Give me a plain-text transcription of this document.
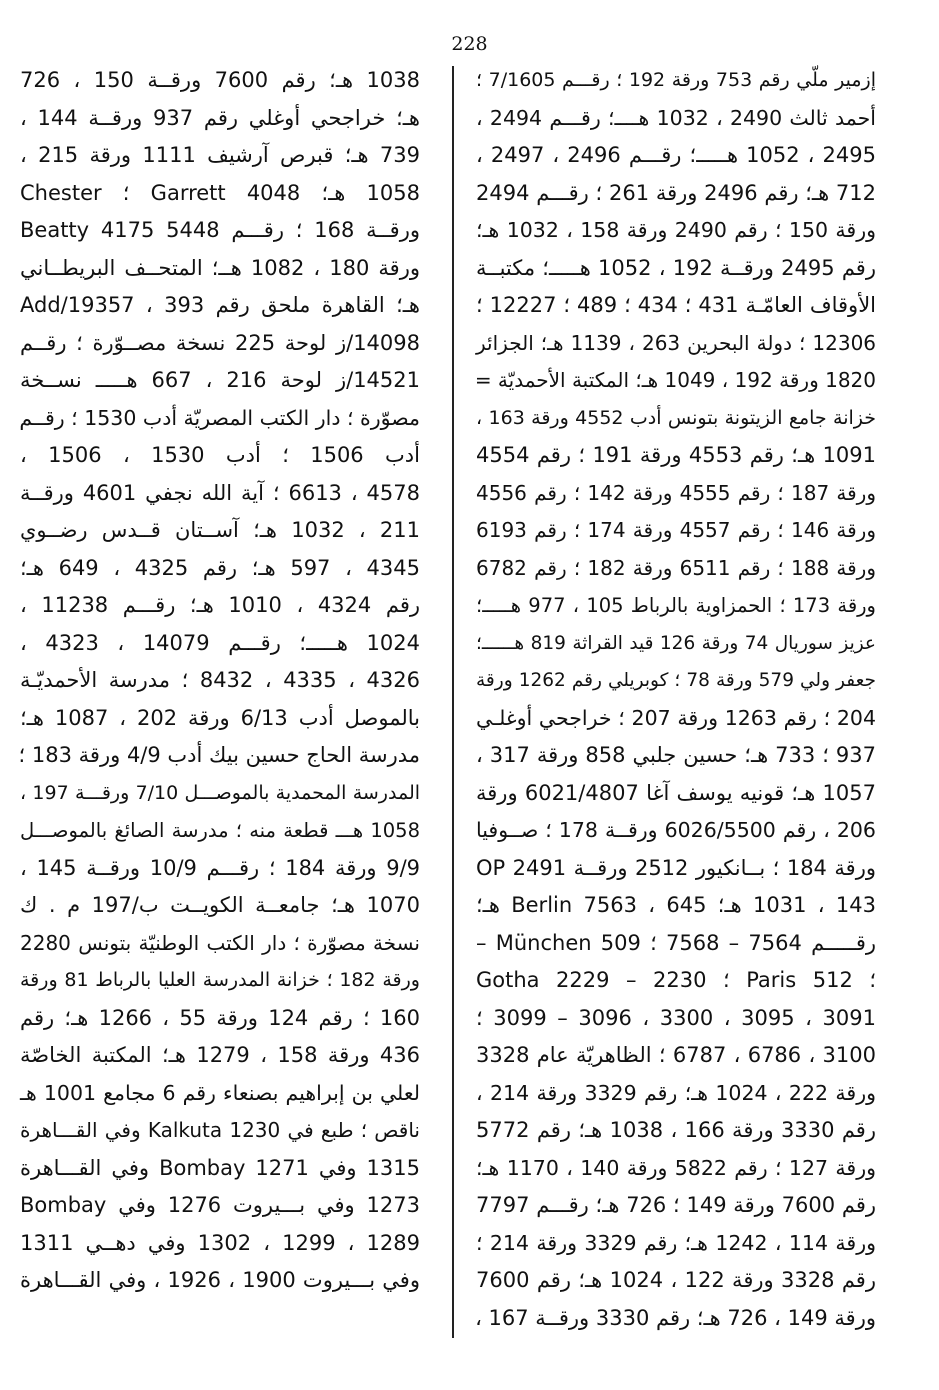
228
إزمير ملّي رقم 753 ورقة 192 ؛ رقـــم 7/1605 ؛
أحمد ثالث 2490 ، 1032 هــــ؛ رقـــم 2494 ،
2495 ، 1052 هـــــ؛ رقـــم 2496 ، 2497 ،
712 هـ؛ رقم 2496 ورقة 261 ؛ رقـــم 2494
ورقة 150 ؛ رقم 2490 ورقة 158 ، 1032 هـ؛
رقم 2495 ورقــة 192 ، 1052 هـــــ؛ مكتبــة
الأوقاف العامّـة 431 ؛ 434 ؛ 489 ؛ 12227 ؛
12306 ؛ دولة البحرين 263 ، 1139 هـ؛ الجزائر
1820 ورقة 192 ، 1049 هـ؛ المكتبة الأحمديّة =
خزانة جامع الزيتونة بتونس أدب 4552 ورقة 163 ،
1091 هـ؛ رقم 4553 ورقة 191 ؛ رقم 4554
ورقة 187 ؛ رقم 4555 ورقة 142 ؛ رقم 4556
ورقة 146 ؛ رقم 4557 ورقة 174 ؛ رقم 6193
ورقة 188 ؛ رقم 6511 ورقة 182 ؛ رقم 6782
ورقة 173 ؛ الحمزاوية بالرباط 105 ، 977 هـــــ؛
عزيز سوريال 74 ورقة 126 قيد القراثة 819 هــــــ؛
جعفر ولي 579 ورقة 78 ؛ كوبريلي رقم 1262 ورقة
204 ؛ رقم 1263 ورقة 207 ؛ خراجحي أوغلـي
937 ؛ 733 هـ؛ حسين جلبي 858 ورقة 317 ،
1057 هـ؛ قونيه يوسف آغا 6021/4807 ورقة
206 ، رقم 6026/5500 ورقــة 178 ؛ صــوفيا
OP 2491 ورقة 184 ؛ بــانكيور 2512 ورقــة
143 ، 1031 هـ؛ Berlin 7563 ، 645 هـ؛
رقـــــم 7564 – 7568 ؛ München 509 –
Gotha 2229 – 2230 ؛ Paris 512 ؛
3091 ، 3095 ، 3300 ، 3096 – 3099 ؛
3100 ، 6786 ، 6787 ؛ الظاهريّة عام 3328
ورقة 222 ، 1024 هـ؛ رقم 3329 ورقة 214 ،
رقم 3330 ورقة 166 ، 1038 هـ؛ رقم 5772
ورقة 127 ؛ رقم 5822 ورقة 140 ، 1170 هـ؛
رقم 7600 ورقة 149 ؛ 726 هـ؛ رقـــم 7797
ورقة 114 ، 1242 هـ؛ رقم 3329 ورقة 214 ؛
رقم 3328 ورقة 122 ، 1024 هـ؛ رقم 7600
ورقة 149 ، 726 هـ؛ رقم 3330 ورقــة 167 ،
1038 هـ؛ رقم 7600 ورقــة 150 ، 726
هـ؛ خراجحي أوغلي رقم 937 ورقــة 144 ،
739 هـ؛ قبرص آرشيف 1111 ورقة 215 ،
1058 هـ؛ Garrett 4048 ؛ Chester
Beatty 4175 ورقــة 168 ؛ رقـــم 5448
ورقة 180 ، 1082 هــ؛ المتحــف البريطــاني
Add/19357 ، 393 هـ؛ القاهرة ملحق رقم
14098/ز لوحة 225 نسخة مصــوّرة ؛ رقــم
14521/ز لوحة 216 ، 667 هـــــ نســخة
مصوّرة ؛ دار الكتب المصريّة أدب 1530 ؛ رقــم
أدب 1506 ؛ أدب 1530 ، 1506 ،
4578 ، 6613 ؛ آية الله نجفي 4601 ورقــة
211 ، 1032 هـ؛ آســتان قــدس رضــوي
4345 ، 597 هـ؛ رقم 4325 ، 649 هـ؛
رقم 4324 ، 1010 هـ؛ رقـــم 11238 ،
1024 هـــــ؛ رقـــم 14079 ، 4323 ،
4326 ، 4335 ، 8432 ؛ مدرسة الأحمديّـة
بالموصل أدب 6/13 ورقة 202 ، 1087 هـ؛
مدرسة الحاج حسين بيك أدب 4/9 ورقة 183 ؛
المدرسة المحمدية بالموصـــل 7/10 ورقـــة 197 ،
1058 هـــ قطعة منه ؛ مدرسة الصائغ بالموصـــل
9/9 ورقة 184 ؛ رقـــم 10/9 ورقــة 145 ،
1070 هـ؛ جامعــة الكويــت ب/197 م . ك
نسخة مصوّرة ؛ دار الكتب الوطنيّة بتونس 2280
ورقة 182 ؛ خزانة المدرسة العليا بالرباط 81 ورقة
160 ؛ رقم 124 ورقة 55 ، 1266 هـ؛ رقم
436 ورقة 158 ، 1279 هـ؛ المكتبة الخاصّة
لعلي بن إبراهيم بصنعاء رقم 6 مجامع 1001 هـ
ناقص ؛ طبع في Kalkuta 1230 وفي القـــاهرة
1315 وفي Bombay 1271 وفي القـــاهرة
1273 وفي بـــيروت 1276 وفي Bombay
1289 ، 1299 ، 1302 وفي دهــي 1311
وفي بـــيروت 1900 ، 1926 ، وفي القـــاهرة
